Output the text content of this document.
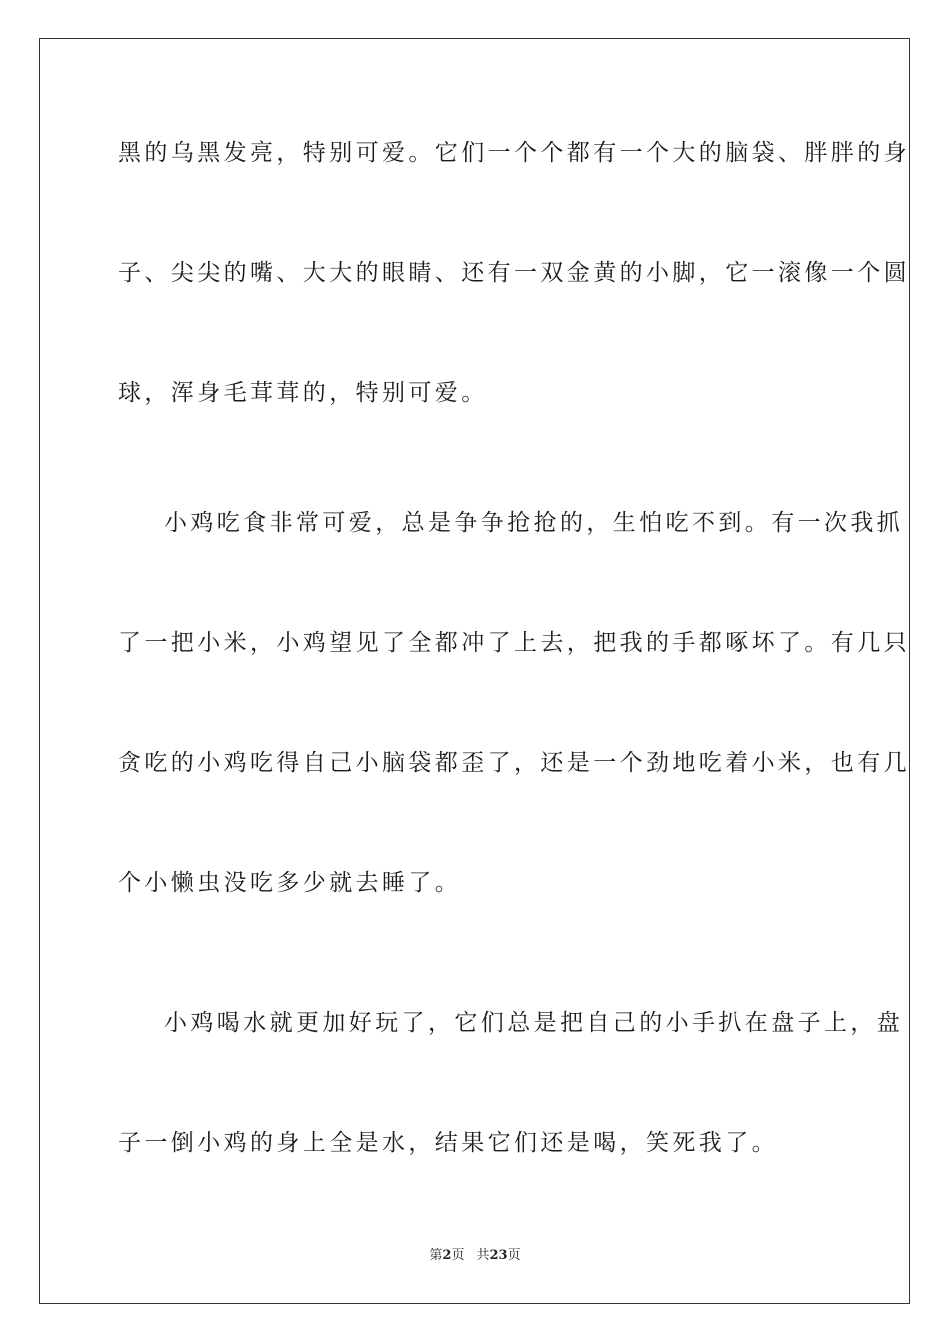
黑的乌黑发亮，特别可爱。它们一个个都有一个大的脑袋、胖胖的身
子、尖尖的嘴、大大的眼睛、还有一双金黄的小脚，它一滚像一个圆
球，浑身毛茸茸的，特别可爱。
小鸡吃食非常可爱，总是争争抢抢的，生怕吃不到。有一次我抓
了一把小米，小鸡望见了全都冲了上去，把我的手都啄坏了。有几只
贪吃的小鸡吃得自己小脑袋都歪了，还是一个劲地吃着小米，也有几
个小懒虫没吃多少就去睡了。
小鸡喝水就更加好玩了，它们总是把自己的小手扒在盘子上，盘
子一倒小鸡的身上全是水，结果它们还是喝，笑死我了。
第2页 共23页
